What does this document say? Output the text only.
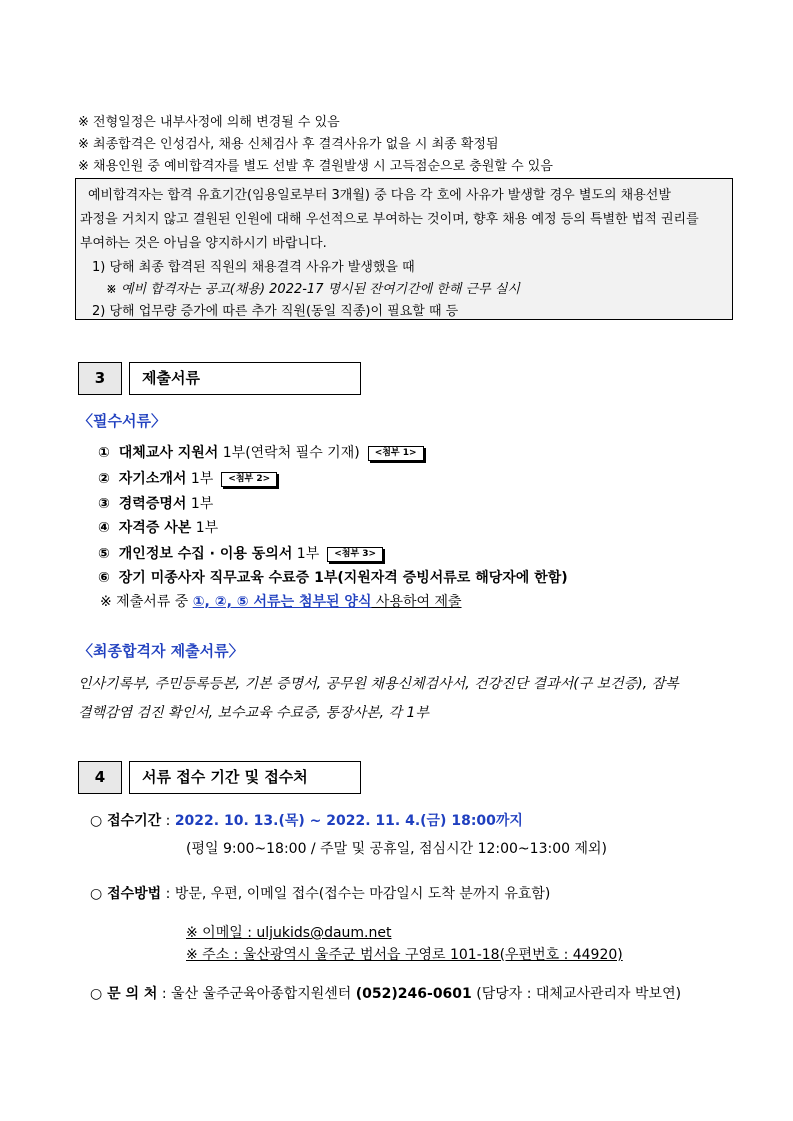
※ 전형일정은 내부사정에 의해 변경될 수 있음
※ 최종합격은 인성검사, 채용 신체검사 후 결격사유가 없을 시 최종 확정됨
※ 채용인원 중 예비합격자를 별도 선발 후 결원발생 시 고득점순으로 충원할 수 있음
예비합격자는 합격 유효기간(임용일로부터 3개월) 중 다음 각 호에 사유가 발생할 경우 별도의 채용선발
과정을 거치지 않고 결원된 인원에 대해 우선적으로 부여하는 것이며, 향후 채용 예정 등의 특별한 법적 권리를
부여하는 것은 아님을 양지하시기 바랍니다.
1) 당해 최종 합격된 직원의 채용결격 사유가 발생했을 때
※ 예비 합격자는 공고(채용) 2022-17 명시된 잔여기간에 한해 근무 실시
2) 당해 업무량 증가에 따른 추가 직원(동일 직종)이 필요할 때 등
3	제출서류
〈필수서류〉
① 대체교사 지원서 1부(연락처 필수 기재) <첨부 1>
② 자기소개서 1부 <첨부 2>
③ 경력증명서 1부
④ 자격증 사본 1부
⑤ 개인정보 수집 · 이용 동의서 1부 <첨부 3>
⑥ 장기 미종사자 직무교육 수료증 1부(지원자격 증빙서류로 해당자에 한함)
※ 제출서류 중 ①, ②, ⑤ 서류는 첨부된 양식 사용하여 제출
〈최종합격자 제출서류〉
인사기록부, 주민등록등본, 기본 증명서, 공무원 채용신체검사서, 건강진단 결과서(구 보건증), 잠복
결핵감염 검진 확인서, 보수교육 수료증, 통장사본, 각 1부
4	서류 접수 기간 및 접수처
○ 접수기간 : 2022. 10. 13.(목) ~ 2022. 11. 4.(금) 18:00까지
(평일 9:00~18:00 / 주말 및 공휴일, 점심시간 12:00~13:00 제외)
○ 접수방법 : 방문, 우편, 이메일 접수(접수는 마감일시 도착 분까지 유효함)
※ 이메일 : uljukids@daum.net
※ 주소 : 울산광역시 울주군 범서읍 구영로 101-18(우편번호 : 44920)
○ 문 의 처 : 울산 울주군육아종합지원센터 (052)246-0601 (담당자 : 대체교사관리자 박보연)
